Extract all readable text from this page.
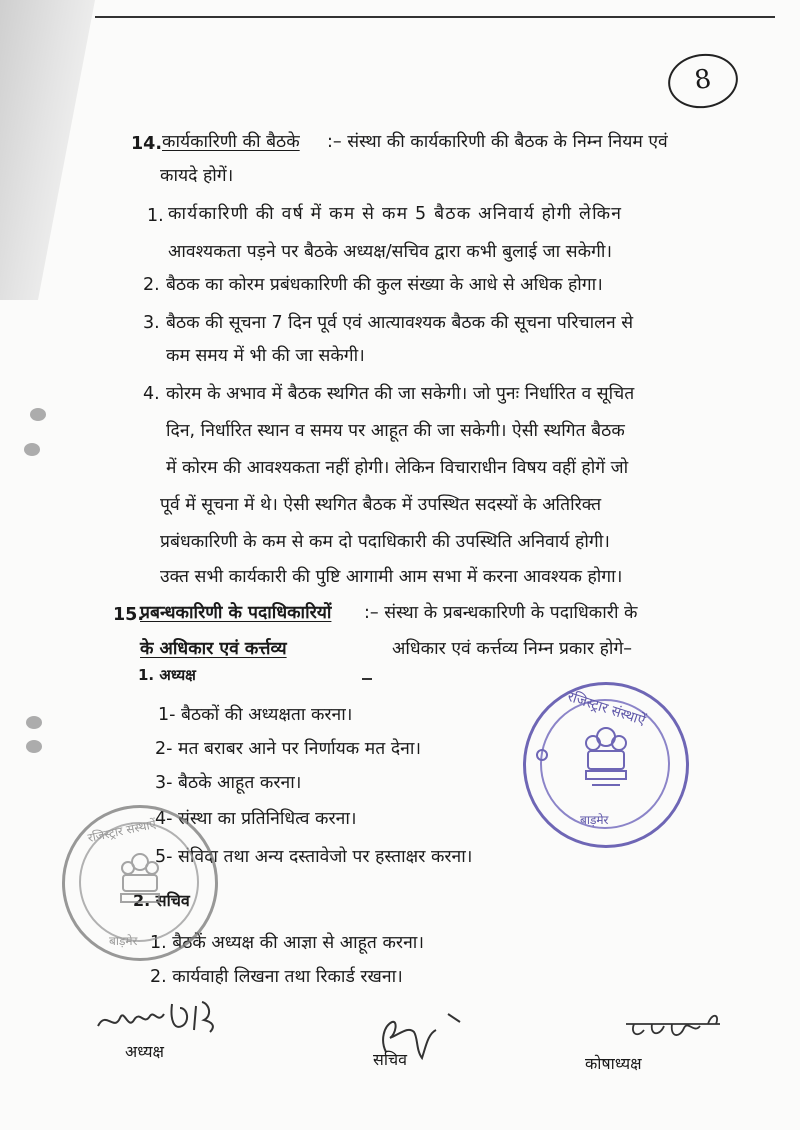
8
14. कार्यकारिणी की बैठके :– संस्था की कार्यकारिणी की बैठक के निम्न नियम एवं
कायदे होगें।
1. कार्यकारिणी की वर्ष में कम से कम 5 बैठक अनिवार्य होगी लेकिन
आवश्यकता पड़ने पर बैठके अध्यक्ष/सचिव द्वारा कभी बुलाई जा सकेगी।
2. बैठक का कोरम प्रबंधकारिणी की कुल संख्या के आधे से अधिक होगा।
3. बैठक की सूचना 7 दिन पूर्व एवं आत्यावश्यक बैठक की सूचना परिचालन से
कम समय में भी की जा सकेगी।
4. कोरम के अभाव में बैठक स्थगित की जा सकेगी। जो पुनः निर्धारित व सूचित
दिन, निर्धारित स्थान व समय पर आहूत की जा सकेगी। ऐसी स्थगित बैठक
में कोरम की आवश्यकता नहीं होगी। लेकिन विचाराधीन विषय वहीं होगें जो
पूर्व में सूचना में थे। ऐसी स्थगित बैठक में उपस्थित सदस्यों के अतिरिक्त
प्रबंधकारिणी के कम से कम दो पदाधिकारी की उपस्थिति अनिवार्य होगी।
उक्त सभी कार्यकारी की पुष्टि आगामी आम सभा में करना आवश्यक होगा।
15.
प्रबन्धकारिणी के पदाधिकारियों :– संस्था के प्रबन्धकारिणी के पदाधिकारी के
के अधिकार एवं कर्त्तव्य	अधिकार एवं कर्त्तव्य निम्न प्रकार होगे–
1. अध्यक्ष
1- बैठकों की अध्यक्षता करना।
2- मत बराबर आने पर निर्णायक मत देना।
3- बैठके आहूत करना।
4- संस्था का प्रतिनिधित्व करना।
5- संविदा तथा अन्य दस्तावेजो पर हस्ताक्षर करना।
2. सचिव
1. बैठकें अध्यक्ष की आज्ञा से आहूत करना।
2. कार्यवाही लिखना तथा रिकार्ड रखना।
रजिस्ट्रार संस्थाऐं
बाड़मेर
रजिस्ट्रार संस्थाऐं
बाड़मेर
अध्यक्ष	सचिव	कोषाध्यक्ष
